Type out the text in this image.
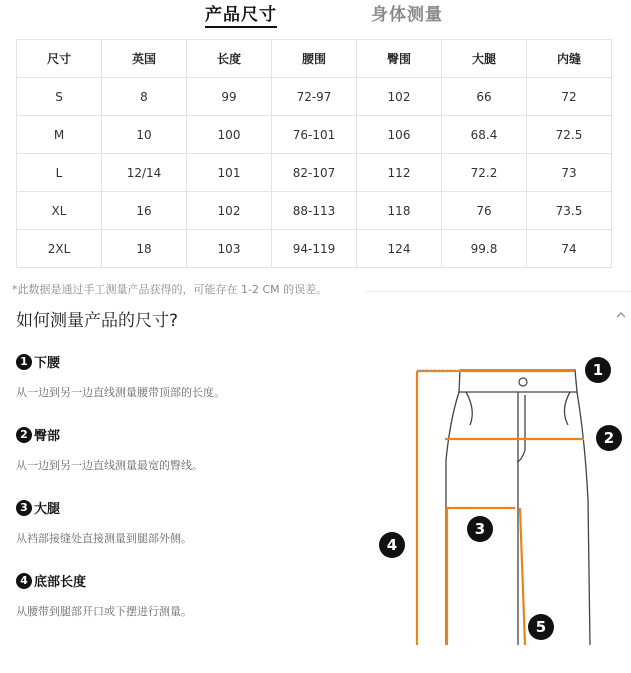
产品尺寸	身体测量
尺寸	英国	长度	腰围	臀围	大腿	内缝
S	8	99	72-97	102	66	72
M	10	100	76-101	106	68.4	72.5
L	12/14	101	82-107	112	72.2	73
XL	16	102	88-113	118	76	73.5
2XL	18	103	94-119	124	99.8	74
*此数据是通过手工测量产品获得的，可能存在 1-2 CM 的误差。
如何测量产品的尺寸?
1 下腰
从一边到另一边直线测量腰带顶部的长度。
2 臀部
从一边到另一边直线测量最宽的臀线。
3 大腿
从裆部接缝处直接测量到腿部外侧。
4 底部长度
从腰带到腿部开口或下摆进行测量。
1
2
3
4
5
